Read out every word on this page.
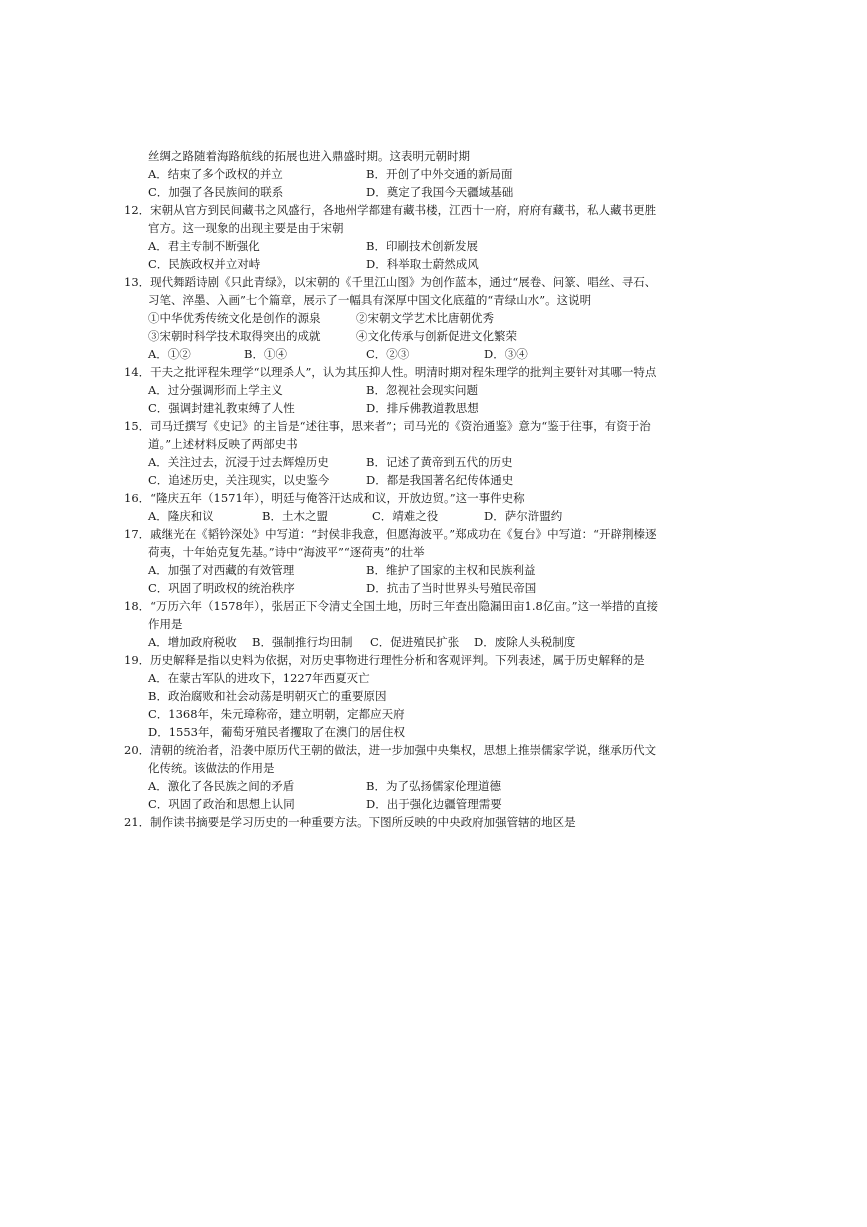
丝绸之路随着海路航线的拓展也进入鼎盛时期。这表明元朝时期
A．结束了多个政权的并立	B．开创了中外交通的新局面
C．加强了各民族间的联系	D．奠定了我国今天疆域基础
12．宋朝从官方到民间藏书之风盛行，各地州学都建有藏书楼，江西十一府，府府有藏书，私人藏书更胜
官方。这一现象的出现主要是由于宋朝
A．君主专制不断强化	B．印刷技术创新发展
C．民族政权并立对峙	D．科举取士蔚然成风
13．现代舞蹈诗剧《只此青绿》，以宋朝的《千里江山图》为创作蓝本，通过“展卷、问篆、唱丝、寻石、
习笔、淬墨、入画”七个篇章，展示了一幅具有深厚中国文化底蕴的“青绿山水”。这说明
①中华优秀传统文化是创作的源泉	②宋朝文学艺术比唐朝优秀
③宋朝时科学技术取得突出的成就	④文化传承与创新促进文化繁荣
A．①②	B．①④	C．②③	D．③④
14．干夫之批评程朱理学“以理杀人”，认为其压抑人性。明清时期对程朱理学的批判主要针对其哪一特点
A．过分强调形而上学主义	B．忽视社会现实问题
C．强调封建礼教束缚了人性	D．排斥佛教道教思想
15．司马迁撰写《史记》的主旨是“述往事，思来者”；司马光的《资治通鉴》意为“鉴于往事，有资于治
道。”上述材料反映了两部史书
A．关注过去，沉浸于过去辉煌历史	B．记述了黄帝到五代的历史
C．追述历史，关注现实，以史鉴今	D．都是我国著名纪传体通史
16．“隆庆五年（1571年），明廷与俺答汗达成和议，开放边贸。”这一事件史称
A．隆庆和议	B．土木之盟	C．靖难之役	D．萨尔浒盟约
17．戚继光在《韬钤深处》中写道：“封侯非我意，但愿海波平。”郑成功在《复台》中写道：“开辟荆榛逐
荷夷，十年始克复先基。”诗中“海波平”“逐荷夷”的壮举
A．加强了对西藏的有效管理	B．维护了国家的主权和民族利益
C．巩固了明政权的统治秩序	D．抗击了当时世界头号殖民帝国
18．“万历六年（1578年），张居正下令清丈全国土地，历时三年查出隐漏田亩1.8亿亩。”这一举措的直接
作用是
A．增加政府税收 B．强制推行均田制 C．促进殖民扩张 D．废除人头税制度
19．历史解释是指以史料为依据，对历史事物进行理性分析和客观评判。下列表述，属于历史解释的是
A．在蒙古军队的进攻下，1227年西夏灭亡
B．政治腐败和社会动荡是明朝灭亡的重要原因
C．1368年，朱元璋称帝，建立明朝，定都应天府
D．1553年，葡萄牙殖民者攫取了在澳门的居住权
20．清朝的统治者，沿袭中原历代王朝的做法，进一步加强中央集权，思想上推崇儒家学说，继承历代文
化传统。该做法的作用是
A．激化了各民族之间的矛盾	B．为了弘扬儒家伦理道德
C．巩固了政治和思想上认同	D．出于强化边疆管理需要
21．制作读书摘要是学习历史的一种重要方法。下图所反映的中央政府加强管辖的地区是
